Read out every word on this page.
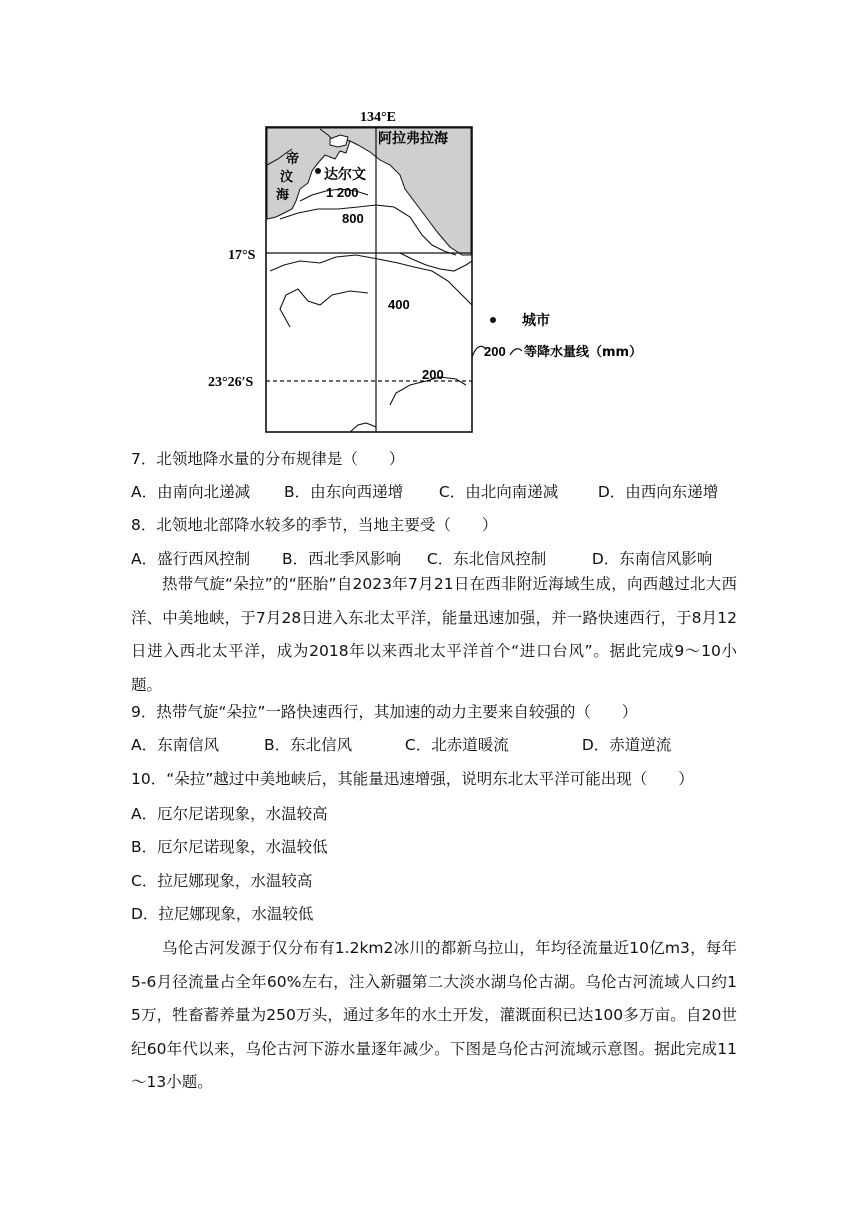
134°E
阿拉弗拉海
帝
汶
海
达尔文
1 200
800
400
200
17°S
23°26′S
城市
200 等降水量线（mm）
7．北领地降水量的分布规律是（　　）
A．由南向北递减 B．由东向西递增 C．由北向南递减	D．由西向东递增
8．北领地北部降水较多的季节，当地主要受（　　）
A．盛行西风控制 B．西北季风影响 C．东北信风控制	D．东南信风影响
热带气旋“朵拉”的“胚胎”自2023年7月21日在西非附近海域生成，向西越过北大西洋、中美地峡，于7月28日进入东北太平洋，能量迅速加强，并一路快速西行，于8月12日进入西北太平洋，成为2018年以来西北太平洋首个“进口台风”。据此完成9～10小题。
9．热带气旋“朵拉”一路快速西行，其加速的动力主要来自较强的（　　）
A．东南信风	B．东北信风	C．北赤道暖流	D．赤道逆流
10．“朵拉”越过中美地峡后，其能量迅速增强，说明东北太平洋可能出现（　　）
A．厄尔尼诺现象，水温较高
B．厄尔尼诺现象，水温较低
C．拉尼娜现象，水温较高
D．拉尼娜现象，水温较低
乌伦古河发源于仅分布有1.2km2冰川的都新乌拉山，年均径流量近10亿m3，每年5-6月径流量占全年60%左右，注入新疆第二大淡水湖乌伦古湖。乌伦古河流域人口约15万，牲畜蓄养量为250万头，通过多年的水土开发，灌溉面积已达100多万亩。自20世纪60年代以来，乌伦古河下游水量逐年减少。下图是乌伦古河流域示意图。据此完成11～13小题。
